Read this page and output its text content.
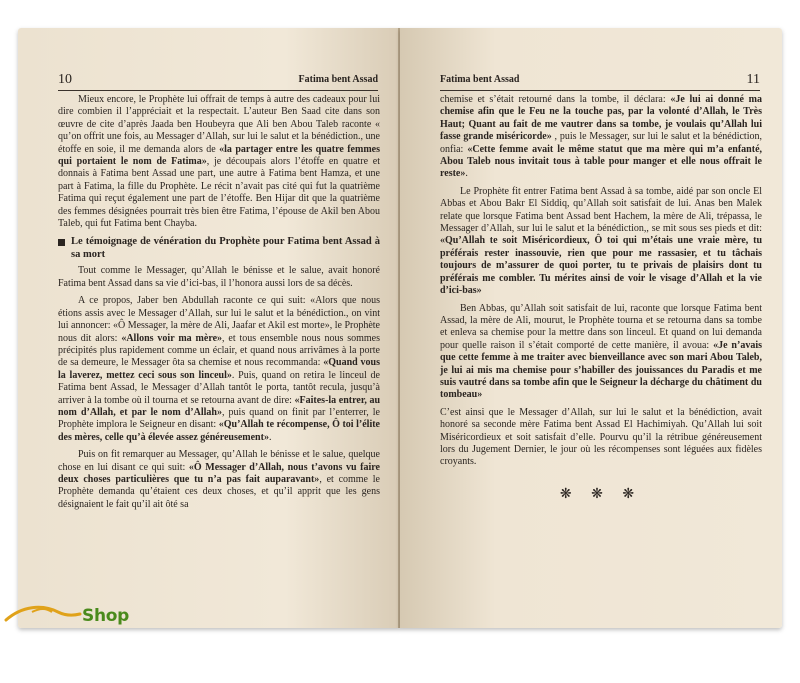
10	Fatima bent Assad

Mieux encore, le Prophète lui offrait de temps à autre des cadeaux pour lui dire combien il l’appréciait et la respectait. L’auteur Ben Saad cite dans son œuvre de cite d’après Jaada ben Houbeyra que Ali ben Abou Taleb raconte « qu’on offrit une fois, au Messager d’Allah, sur lui le salut et la bénédiction., une étoffe en soie, il me demanda alors de «la partager entre les quatre femmes qui portaient le nom de Fatima», je découpais alors l’étoffe en quatre et donnais à Fatima bent Assad une part, une autre à Fatima bent Hamza, et une part à Fatima, la fille du Prophète. Le récit n’avait pas cité qui fut la quatrième Fatima qui reçut également une part de l’étoffe. Ben Hijar dit que la quatrième des femmes désignées pourrait très bien être Fatima, l’épouse de Akil ben Abou Taleb, qui fut Fatima bent Chayba.

Le témoignage de vénération du Prophète pour Fatima bent Assad à sa mort

Tout comme le Messager, qu’Allah le bénisse et le salue, avait honoré Fatima bent Assad dans sa vie d’ici-bas, il l’honora aussi lors de sa décès.

A ce propos, Jaber ben Abdullah raconte ce qui suit: «Alors que nous étions assis avec le Messager d’Allah, sur lui le salut et la bénédiction., on vint lui annoncer: «Ô Messager, la mère de Ali, Jaafar et Akil est morte», le Prophète nous dit alors: «Allons voir ma mère», et tous ensemble nous nous sommes précipités plus rapidement comme un éclair, et quand nous arrivâmes à la porte de sa demeure, le Messager ôta sa chemise et nous recommanda: «Quand vous la laverez, mettez ceci sous son linceul». Puis, quand on retira le linceul de Fatima bent Assad, le Messager d’Allah tantôt le porta, tantôt recula, jusqu’à arriver à la tombe où il tourna et se retourna avant de dire: «Faites-la entrer, au nom d’Allah, et par le nom d’Allah», puis quand on finit par l’enterrer, le Prophète implora le Seigneur en disant: «Qu’Allah te récompense, Ô toi l’élite des mères, celle qu’à élevée assez généreusement».

Puis on fit remarquer au Messager, qu’Allah le bénisse et le salue, quelque chose en lui disant ce qui suit: «Ô Messager d’Allah, nous t’avons vu faire deux choses particulières que tu n’a pas fait auparavant», et comme le Prophète demanda qu’étaient ces deux choses, et qu’il apprit que les gens désignaient le fait qu’il ait ôté sa

Fatima bent Assad	11

chemise et s’était retourné dans la tombe, il déclara: «Je lui ai donné ma chemise afin que le Feu ne la touche pas, par la volonté d’Allah, le Très Haut; Quant au fait de me vautrer dans sa tombe, je voulais qu’Allah lui fasse grande miséricorde» , puis le Messager, sur lui le salut et la bénédiction, onfia: «Cette femme avait le même statut que ma mère qui m’a enfanté, Abou Taleb nous invitait tous à table pour manger et elle nous offrait le reste».

Le Prophète fit entrer Fatima bent Assad à sa tombe, aidé par son oncle El Abbas et Abou Bakr El Siddiq, qu’Allah soit satisfait de lui. Anas ben Malek relate que lorsque Fatima bent Assad bent Hachem, la mère de Ali, trépassa, le Messager d’Allah, sur lui le salut et la bénédiction,, se mit sous ses pieds et dit: «Qu’Allah te soit Miséricordieux, Ô toi qui m’étais une vraie mère, tu préférais rester inassouvie, rien que pour me rassasier, et tu tâchais toujours de m’assurer de quoi porter, tu te privais de plaisirs dont tu préférais me combler. Tu mérites ainsi de voir le visage d’Allah et la vie d’ici-bas»

Ben Abbas, qu’Allah soit satisfait de lui, raconte que lorsque Fatima bent Assad, la mère de Ali, mourut, le Prophète tourna et se retourna dans sa tombe et enleva sa chemise pour la mettre dans son linceul. Et quand on lui demanda pour quelle raison il s’était comporté de cette manière, il avoua: «Je n’avais que cette femme à me traiter avec bienveillance avec son mari Abou Taleb, je lui ai mis ma chemise pour s’habiller des jouissances du Paradis et me suis vautré dans sa tombe afin que le Seigneur la décharge du châtiment du tombeau»

C’est ainsi que le Messager d’Allah, sur lui le salut et la bénédiction, avait honoré sa seconde mère Fatima bent Assad El Hachimiyah. Qu’Allah lui soit Miséricordieux et soit satisfait d’elle. Pourvu qu’il la rétribue généreusement lors du Jugement Dernier, le jour où les récompenses sont léguées aux fidèles croyants.

❋ ❋ ❋
Shop
